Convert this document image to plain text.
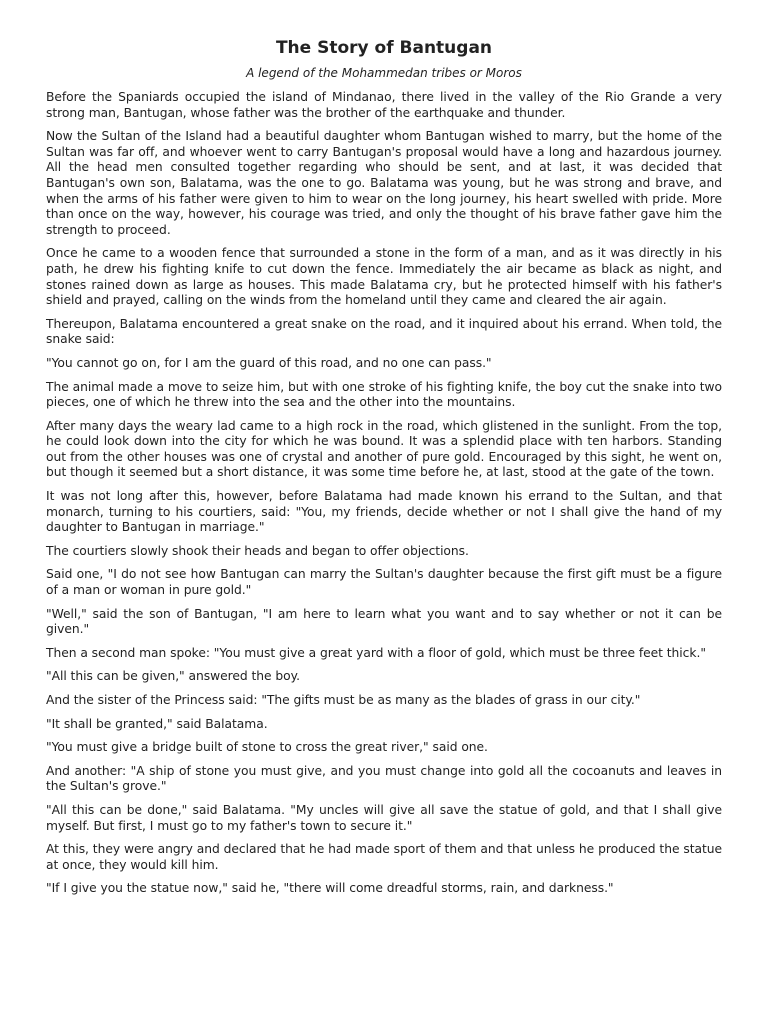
The Story of Bantugan
A legend of the Mohammedan tribes or Moros

Before the Spaniards occupied the island of Mindanao, there lived in the valley of the Rio Grande a very strong man, Bantugan, whose father was the brother of the earthquake and thunder.

Now the Sultan of the Island had a beautiful daughter whom Bantugan wished to marry, but the home of the Sultan was far off, and whoever went to carry Bantugan's proposal would have a long and hazardous journey. All the head men consulted together regarding who should be sent, and at last, it was decided that Bantugan's own son, Balatama, was the one to go. Balatama was young, but he was strong and brave, and when the arms of his father were given to him to wear on the long journey, his heart swelled with pride. More than once on the way, however, his courage was tried, and only the thought of his brave father gave him the strength to proceed.

Once he came to a wooden fence that surrounded a stone in the form of a man, and as it was directly in his path, he drew his fighting knife to cut down the fence. Immediately the air became as black as night, and stones rained down as large as houses. This made Balatama cry, but he protected himself with his father's shield and prayed, calling on the winds from the homeland until they came and cleared the air again.

Thereupon, Balatama encountered a great snake on the road, and it inquired about his errand. When told, the snake said:

"You cannot go on, for I am the guard of this road, and no one can pass."

The animal made a move to seize him, but with one stroke of his fighting knife, the boy cut the snake into two pieces, one of which he threw into the sea and the other into the mountains.

After many days the weary lad came to a high rock in the road, which glistened in the sunlight. From the top, he could look down into the city for which he was bound. It was a splendid place with ten harbors. Standing out from the other houses was one of crystal and another of pure gold. Encouraged by this sight, he went on, but though it seemed but a short distance, it was some time before he, at last, stood at the gate of the town.

It was not long after this, however, before Balatama had made known his errand to the Sultan, and that monarch, turning to his courtiers, said: "You, my friends, decide whether or not I shall give the hand of my daughter to Bantugan in marriage."

The courtiers slowly shook their heads and began to offer objections.

Said one, "I do not see how Bantugan can marry the Sultan's daughter because the first gift must be a figure of a man or woman in pure gold."

"Well," said the son of Bantugan, "I am here to learn what you want and to say whether or not it can be given."

Then a second man spoke: "You must give a great yard with a floor of gold, which must be three feet thick."

"All this can be given," answered the boy.

And the sister of the Princess said: "The gifts must be as many as the blades of grass in our city."

"It shall be granted," said Balatama.

"You must give a bridge built of stone to cross the great river," said one.

And another: "A ship of stone you must give, and you must change into gold all the cocoanuts and leaves in the Sultan's grove."

"All this can be done," said Balatama. "My uncles will give all save the statue of gold, and that I shall give myself. But first, I must go to my father's town to secure it."

At this, they were angry and declared that he had made sport of them and that unless he produced the statue at once, they would kill him.

"If I give you the statue now," said he, "there will come dreadful storms, rain, and darkness."
